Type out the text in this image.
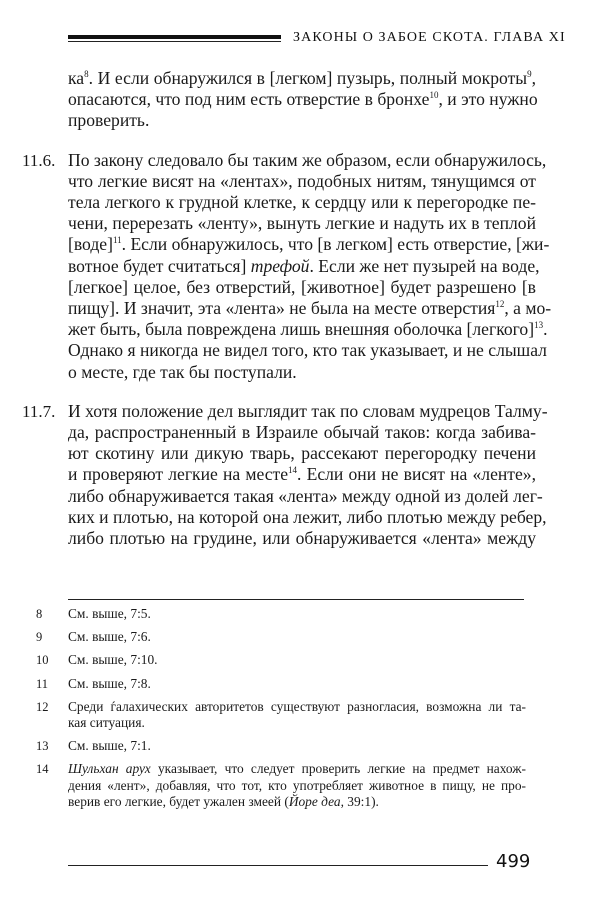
ЗАКОНЫ О ЗАБОЕ СКОТА. ГЛАВА XI
ка$^8$. И если обнаружился в [легком] пузырь, полный мокроты$^9$,
опасаются, что под ним есть отверстие в бронхе$^{10}$, и это нужно
проверить.
11.6. По закону следовало бы таким же образом, если обнаружилось,
что легкие висят на «лентах», подобных нитям, тянущимся от
тела легкого к грудной клетке, к сердцу или к перегородке пе-
чени, перерезать «ленту», вынуть легкие и надуть их в теплой
[воде]$^{11}$. Если обнаружилось, что [в легком] есть отверстие, [жи-
вотное будет считаться] трефой. Если же нет пузырей на воде,
[легкое] целое, без отверстий, [животное] будет разрешено [в
пищу]. И значит, эта «лента» не была на месте отверстия$^{12}$, а мо-
жет быть, была повреждена лишь внешняя оболочка [легкого]$^{13}$.
Однако я никогда не видел того, кто так указывает, и не слышал
о месте, где так бы поступали.
11.7. И хотя положение дел выглядит так по словам мудрецов Талму-
да, распространенный в Израиле обычай таков: когда забива-
ют скотину или дикую тварь, рассекают перегородку печени
и проверяют легкие на месте$^{14}$. Если они не висят на «ленте»,
либо обнаруживается такая «лента» между одной из долей лег-
ких и плотью, на которой она лежит, либо плотью между ребер,
либо плотью на грудине, или обнаруживается «лента» между
8 См. выше, 7:5.
9 См. выше, 7:6.
10 См. выше, 7:10.
11 См. выше, 7:8.
12 Среди ѓалахических авторитетов существуют разногласия, возможна ли та-
кая ситуация.
13 См. выше, 7:1.
14 Шульхан арух указывает, что следует проверить легкие на предмет нахож-
дения «лент», добавляя, что тот, кто употребляет животное в пищу, не про-
верив его легкие, будет ужален змеей (Йоре деа, 39:1).
499
